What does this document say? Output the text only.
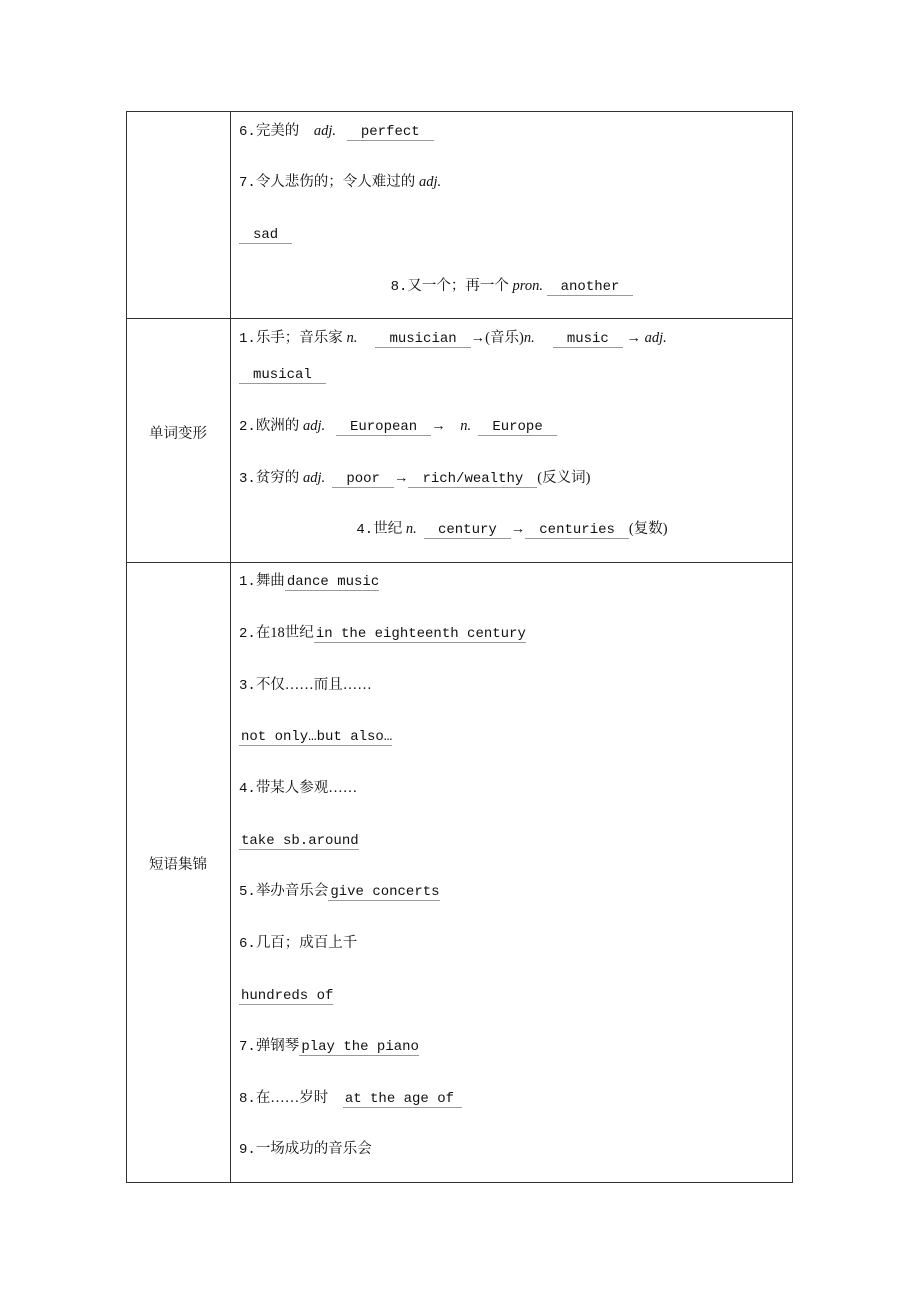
6.完美的 adj. perfect
7.令人悲伤的；令人难过的 adj.
sad
8.又一个；再一个 pron. another
单词变形
1.乐手；音乐家 n. musician →(音乐)n. music → adj.
musical
2.欧洲的 adj. European → n. Europe
3.贫穷的 adj. poor → rich/wealthy (反义词)
4.世纪 n. century → centuries (复数)
短语集锦
1.舞曲 dance music
2.在18世纪 in the eighteenth century
3.不仅……而且……
not only…but also…
4.带某人参观……
take sb.around
5.举办音乐会 give concerts
6.几百；成百上千
hundreds of
7.弹钢琴 play the piano
8.在……岁时 at the age of
9.一场成功的音乐会
